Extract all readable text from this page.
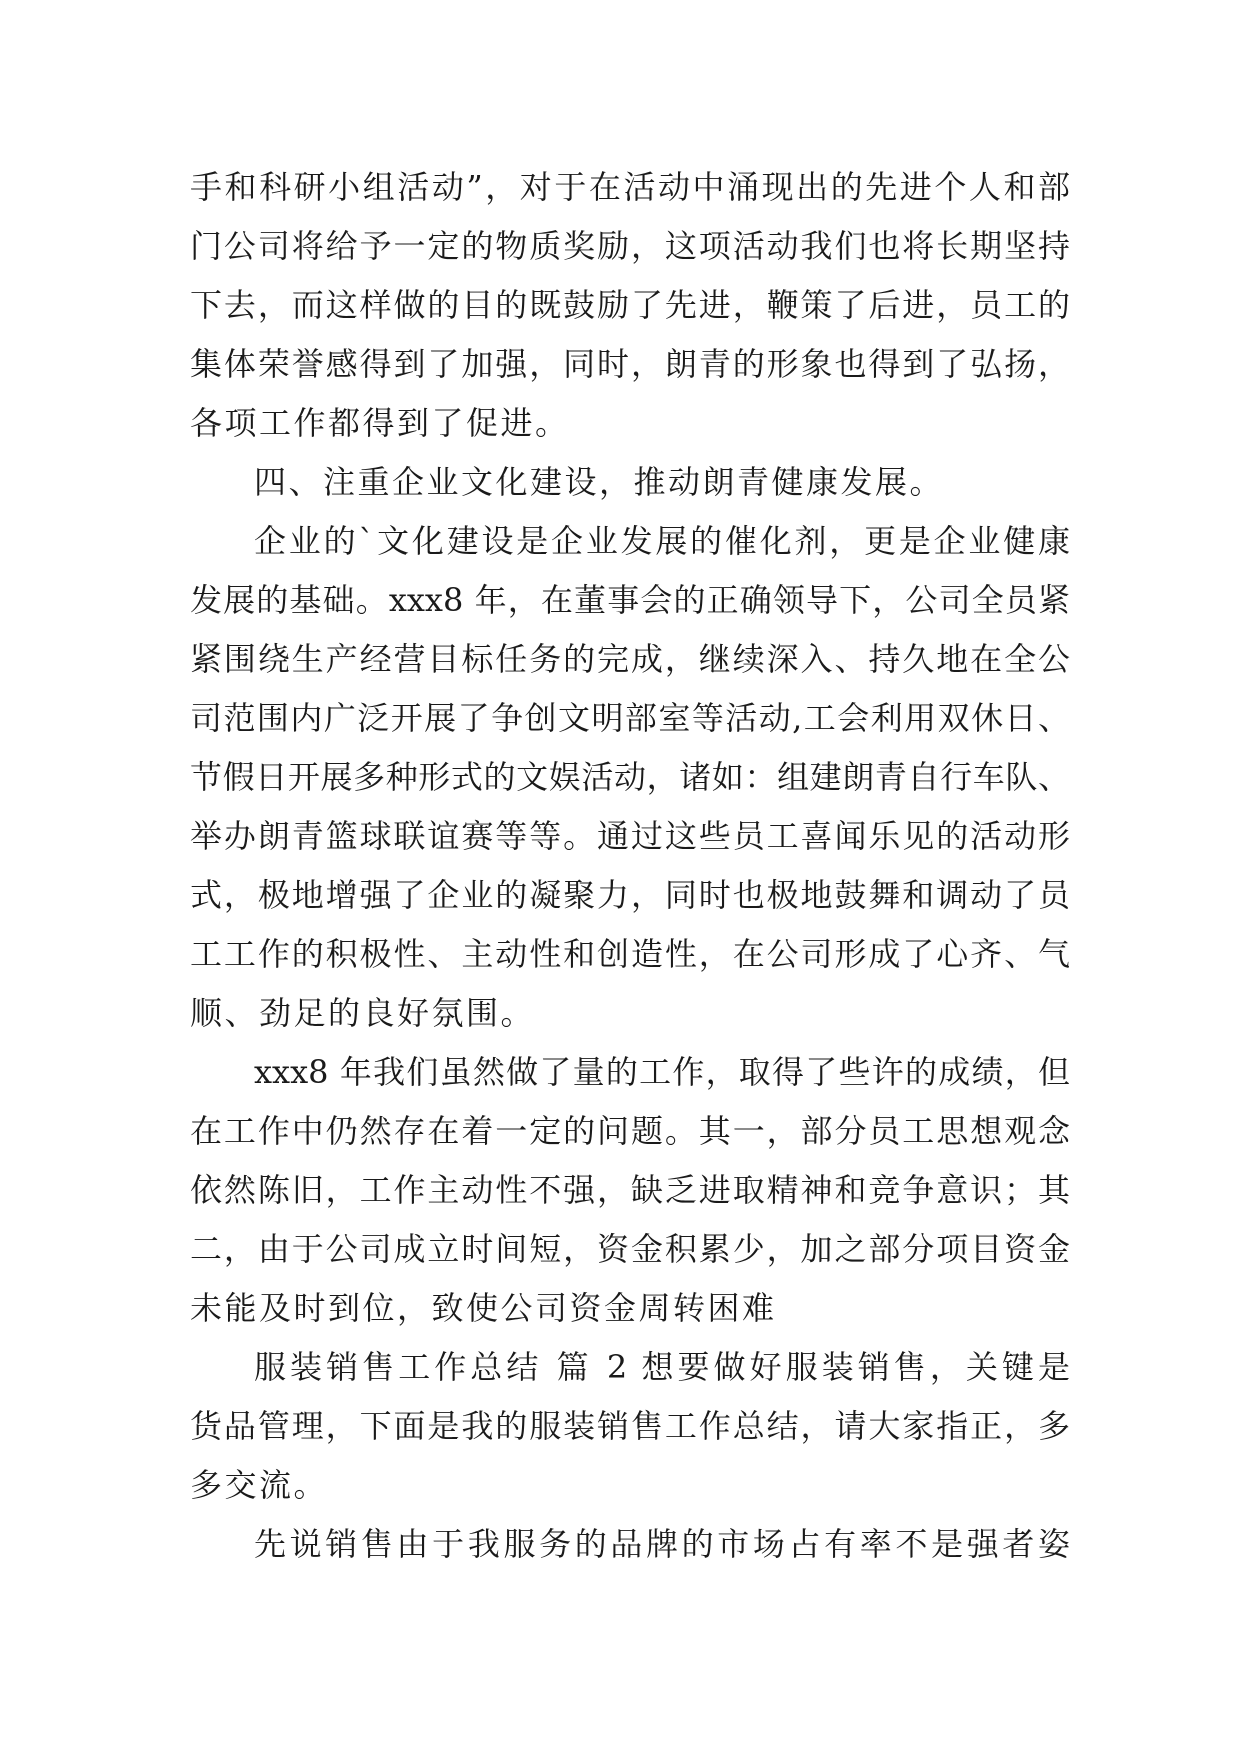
手和科研小组活动”，对于在活动中涌现出的先进个人和部
门公司将给予一定的物质奖励，这项活动我们也将长期坚持
下去，而这样做的目的既鼓励了先进，鞭策了后进，员工的
集体荣誉感得到了加强，同时，朗青的形象也得到了弘扬，
各项工作都得到了促进。
四、注重企业文化建设，推动朗青健康发展。
企业的`文化建设是企业发展的催化剂，更是企业健康
发展的基础。xxx8 年，在董事会的正确领导下，公司全员紧
紧围绕生产经营目标任务的完成，继续深入、持久地在全公
司范围内广泛开展了争创文明部室等活动,工会利用双休日、
节假日开展多种形式的文娱活动，诸如：组建朗青自行车队、
举办朗青篮球联谊赛等等。通过这些员工喜闻乐见的活动形
式，极地增强了企业的凝聚力，同时也极地鼓舞和调动了员
工工作的积极性、主动性和创造性，在公司形成了心齐、气
顺、劲足的良好氛围。
xxx8 年我们虽然做了量的工作，取得了些许的成绩，但
在工作中仍然存在着一定的问题。其一，部分员工思想观念
依然陈旧，工作主动性不强，缺乏进取精神和竞争意识；其
二，由于公司成立时间短，资金积累少，加之部分项目资金
未能及时到位，致使公司资金周转困难
服装销售工作总结 篇 2 想要做好服装销售，关键是
货品管理，下面是我的服装销售工作总结，请大家指正，多
多交流。
先说销售由于我服务的品牌的市场占有率不是强者姿
